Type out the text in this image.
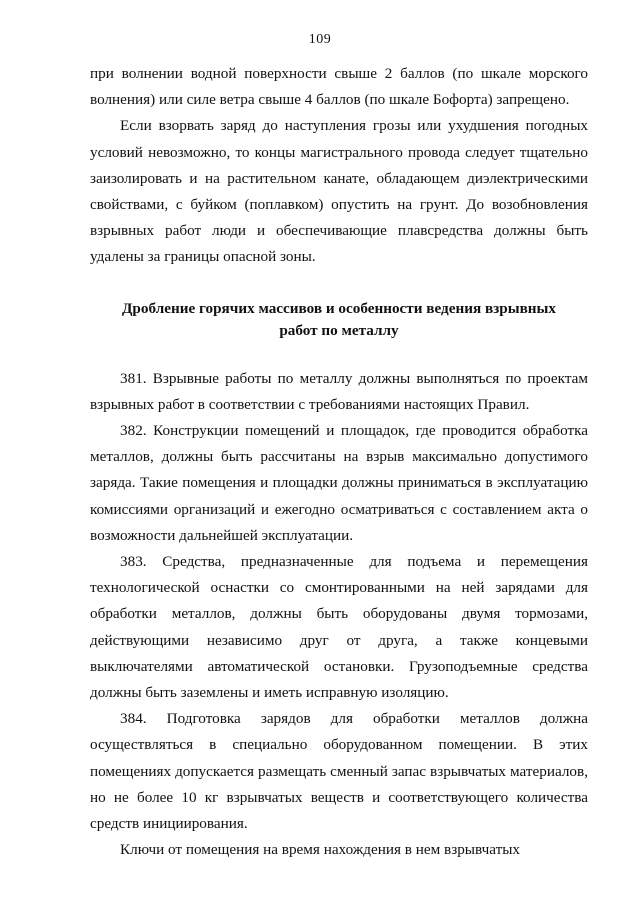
109

при волнении водной поверхности свыше 2 баллов (по шкале морского волнения) или силе ветра свыше 4 баллов (по шкале Бофорта) запрещено.

Если взорвать заряд до наступления грозы или ухудшения погодных условий невозможно, то концы магистрального провода следует тщательно заизолировать и на растительном канате, обладающем диэлектрическими свойствами, с буйком (поплавком) опустить на грунт. До возобновления взрывных работ люди и обеспечивающие плавсредства должны быть удалены за границы опасной зоны.

Дробление горячих массивов и особенности ведения взрывных

работ по металлу

381. Взрывные работы по металлу должны выполняться по проектам взрывных работ в соответствии с требованиями настоящих Правил.

382. Конструкции помещений и площадок, где проводится обработка металлов, должны быть рассчитаны на взрыв максимально допустимого заряда. Такие помещения и площадки должны приниматься в эксплуатацию комиссиями организаций и ежегодно осматриваться с составлением акта о возможности дальнейшей эксплуатации.

383. Средства, предназначенные для подъема и перемещения технологической оснастки со смонтированными на ней зарядами для обработки металлов, должны быть оборудованы двумя тормозами, действующими независимо друг от друга, а также концевыми выключателями автоматической остановки. Грузоподъемные средства должны быть заземлены и иметь исправную изоляцию.

384. Подготовка зарядов для обработки металлов должна осуществляться в специально оборудованном помещении. В этих помещениях допускается размещать сменный запас взрывчатых материалов, но не более 10 кг взрывчатых веществ и соответствующего количества средств инициирования.

Ключи от помещения на время нахождения в нем взрывчатых
